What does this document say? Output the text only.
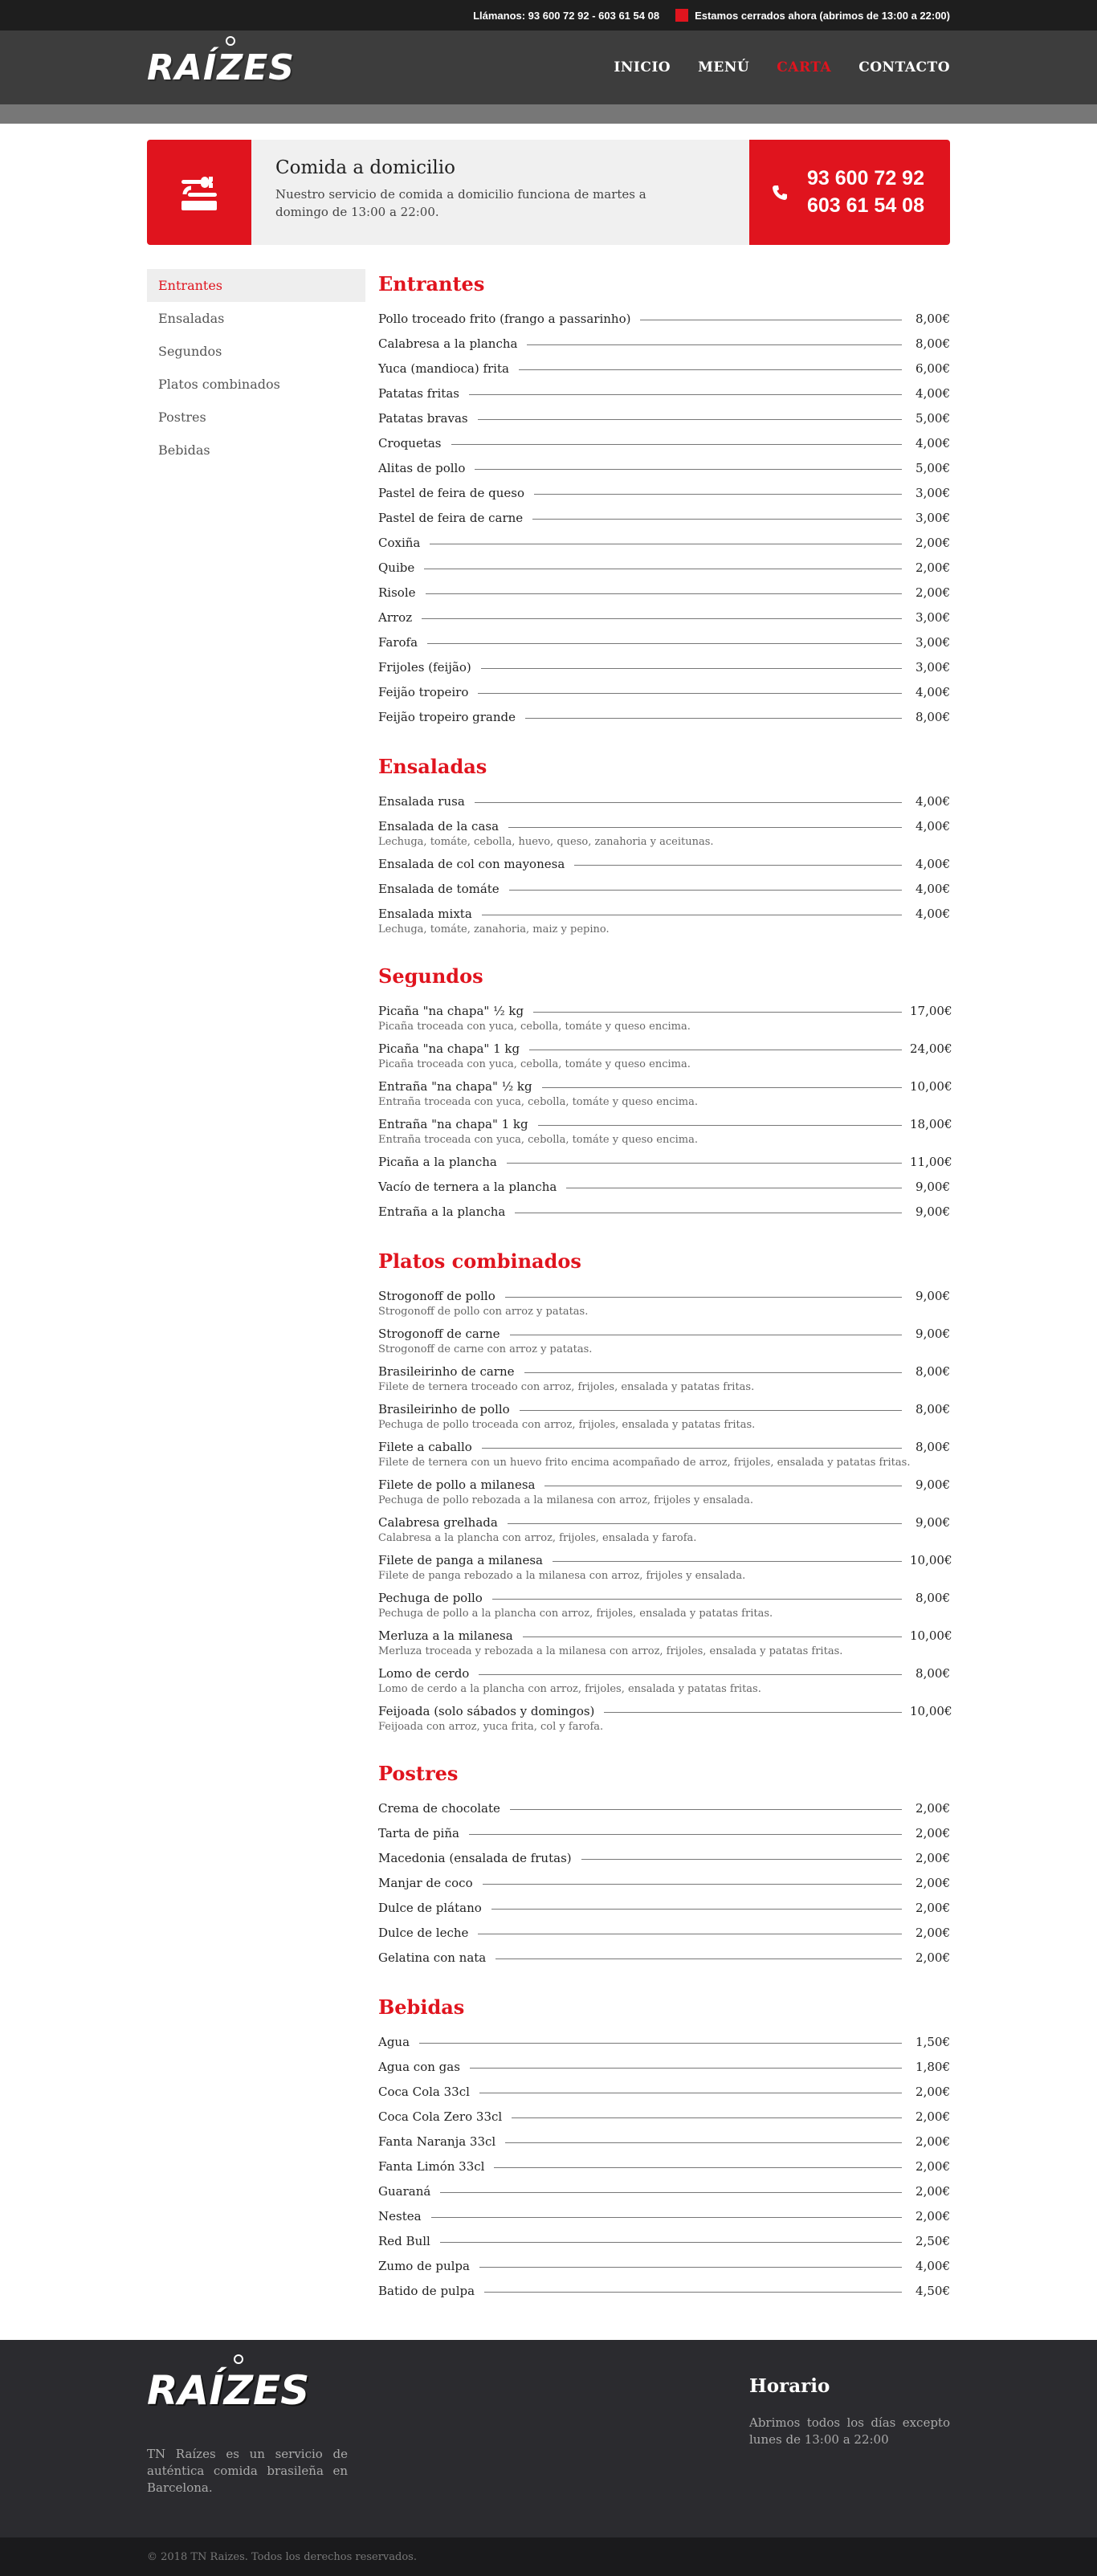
Llámanos: 93 600 72 92 - 603 61 54 08	Estamos cerrados ahora (abrimos de 13:00 a 22:00)
RAÍZES	INICIO MENÚ CARTA CONTACTO
Comida a domicilio

Nuestro servicio de comida a domicilio funciona de martes a domingo de 13:00 a 22:00.

93 600 72 92
603 61 54 08
Entrantes
Ensaladas
Segundos
Platos combinados
Postres
Bebidas
Entrantes
Pollo troceado frito (frango a passarinho)	8,00€
Calabresa a la plancha	8,00€
Yuca (mandioca) frita	6,00€
Patatas fritas	4,00€
Patatas bravas	5,00€
Croquetas	4,00€
Alitas de pollo	5,00€
Pastel de feira de queso	3,00€
Pastel de feira de carne	3,00€
Coxiña	2,00€
Quibe	2,00€
Risole	2,00€
Arroz	3,00€
Farofa	3,00€
Frijoles (feijão)	3,00€
Feijão tropeiro	4,00€
Feijão tropeiro grande	8,00€
Ensaladas
Ensalada rusa	4,00€
Ensalada de la casa	4,00€
Lechuga, tomáte, cebolla, huevo, queso, zanahoria y aceitunas.
Ensalada de col con mayonesa	4,00€
Ensalada de tomáte	4,00€
Ensalada mixta	4,00€
Lechuga, tomáte, zanahoria, maiz y pepino.
Segundos
Picaña "na chapa" ½ kg	17,00€
Picaña troceada con yuca, cebolla, tomáte y queso encima.
Picaña "na chapa" 1 kg	24,00€
Picaña troceada con yuca, cebolla, tomáte y queso encima.
Entraña "na chapa" ½ kg	10,00€
Entraña troceada con yuca, cebolla, tomáte y queso encima.
Entraña "na chapa" 1 kg	18,00€
Entraña troceada con yuca, cebolla, tomáte y queso encima.
Picaña a la plancha	11,00€
Vacío de ternera a la plancha	9,00€
Entraña a la plancha	9,00€
Platos combinados
Strogonoff de pollo	9,00€
Strogonoff de pollo con arroz y patatas.
Strogonoff de carne	9,00€
Strogonoff de carne con arroz y patatas.
Brasileirinho de carne	8,00€
Filete de ternera troceado con arroz, frijoles, ensalada y patatas fritas.
Brasileirinho de pollo	8,00€
Pechuga de pollo troceada con arroz, frijoles, ensalada y patatas fritas.
Filete a caballo	8,00€
Filete de ternera con un huevo frito encima acompañado de arroz, frijoles, ensalada y patatas fritas.
Filete de pollo a milanesa	9,00€
Pechuga de pollo rebozada a la milanesa con arroz, frijoles y ensalada.
Calabresa grelhada	9,00€
Calabresa a la plancha con arroz, frijoles, ensalada y farofa.
Filete de panga a milanesa	10,00€
Filete de panga rebozado a la milanesa con arroz, frijoles y ensalada.
Pechuga de pollo	8,00€
Pechuga de pollo a la plancha con arroz, frijoles, ensalada y patatas fritas.
Merluza a la milanesa	10,00€
Merluza troceada y rebozada a la milanesa con arroz, frijoles, ensalada y patatas fritas.
Lomo de cerdo	8,00€
Lomo de cerdo a la plancha con arroz, frijoles, ensalada y patatas fritas.
Feijoada (solo sábados y domingos)	10,00€
Feijoada con arroz, yuca frita, col y farofa.
Postres
Crema de chocolate	2,00€
Tarta de piña	2,00€
Macedonia (ensalada de frutas)	2,00€
Manjar de coco	2,00€
Dulce de plátano	2,00€
Dulce de leche	2,00€
Gelatina con nata	2,00€
Bebidas
Agua	1,50€
Agua con gas	1,80€
Coca Cola 33cl	2,00€
Coca Cola Zero 33cl	2,00€
Fanta Naranja 33cl	2,00€
Fanta Limón 33cl	2,00€
Guaraná	2,00€
Nestea	2,00€
Red Bull	2,50€
Zumo de pulpa	4,00€
Batido de pulpa	4,50€
RAÍZES

TN Raízes es un servicio de auténtica comida brasileña en Barcelona.

Horario

Abrimos todos los días excepto lunes de 13:00 a 22:00

© 2018 TN Raizes. Todos los derechos reservados.
